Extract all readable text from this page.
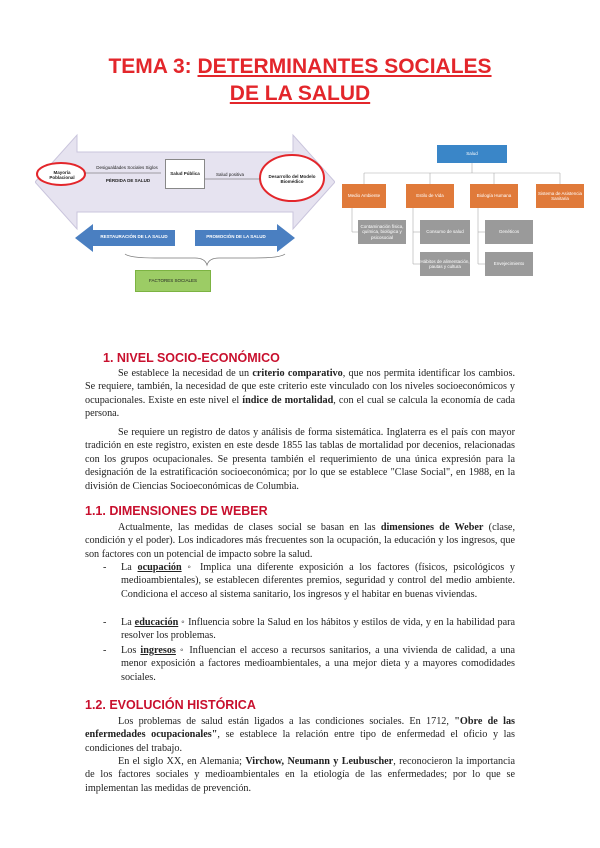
TEMA 3: DETERMINANTES SOCIALES
DE LA SALUD
Mayoría Poblacional
Desigualdades Sociales Siglos
PÉRDIDA DE SALUD
Salud Pública	Salud positiva	Desarrollo del Modelo Biomédico
RESTAURACIÓN DE LA SALUD	PROMOCIÓN DE LA SALUD
FACTORES SOCIALES
Salud
Medio Ambiente	Estilo de Vida	Biología Humana
Sistema de Asistencia Sanitaria
Contaminación física, química, biológica y psicosocial
Consumo de salud	Genéticos
Hábitos de alimentación, pautas y cultura
Envejecimiento
1. NIVEL SOCIO-ECONÓMICO
Se establece la necesidad de un criterio comparativo, que nos permita identificar los cambios. Se requiere, también, la necesidad de que este criterio este vinculado con los niveles socioeconómicos y ocupacionales. Existe en este nivel el índice de mortalidad, con el cual se calcula la economía de cada persona.
Se requiere un registro de datos y análisis de forma sistemática. Inglaterra es el país con mayor tradición en este registro, existen en este desde 1855 las tablas de mortalidad por decenios, relacionadas con los grupos ocupacionales. Se presenta también el requerimiento de una única expresión para la designación de la estratificación socioeconómica; por lo que se establece "Clase Social", en 1988, en la división de Ciencias Socioeconómicas de Columbia.
1.1. DIMENSIONES DE WEBER
Actualmente, las medidas de clases social se basan en las dimensiones de Weber (clase, condición y el poder). Los indicadores más frecuentes son la ocupación, la educación y los ingresos, que son factores con un potencial de impacto sobre la salud.
- La ocupación ◦ Implica una diferente exposición a los factores (físicos, psicológicos y medioambientales), se establecen diferentes premios, seguridad y control del medio ambiente. Condiciona el acceso al sistema sanitario, los ingresos y el habitar en buenas viviendas.
- La educación ◦ Influencia sobre la Salud en los hábitos y estilos de vida, y en la habilidad para resolver los problemas.
- Los ingresos ◦ Influencian el acceso a recursos sanitarios, a una vivienda de calidad, a una menor exposición a factores medioambientales, a una mejor dieta y a mayores comodidades sociales.
1.2. EVOLUCIÓN HISTÓRICA
Los problemas de salud están ligados a las condiciones sociales. En 1712, "Obre de las enfermedades ocupacionales", se establece la relación entre tipo de enfermedad el oficio y las condiciones del trabajo.
En el siglo XX, en Alemania; Virchow, Neumann y Leubuscher, reconocieron la importancia de los factores sociales y medioambientales en la etiología de las enfermedades; por lo que se implementan las medidas de prevención.
